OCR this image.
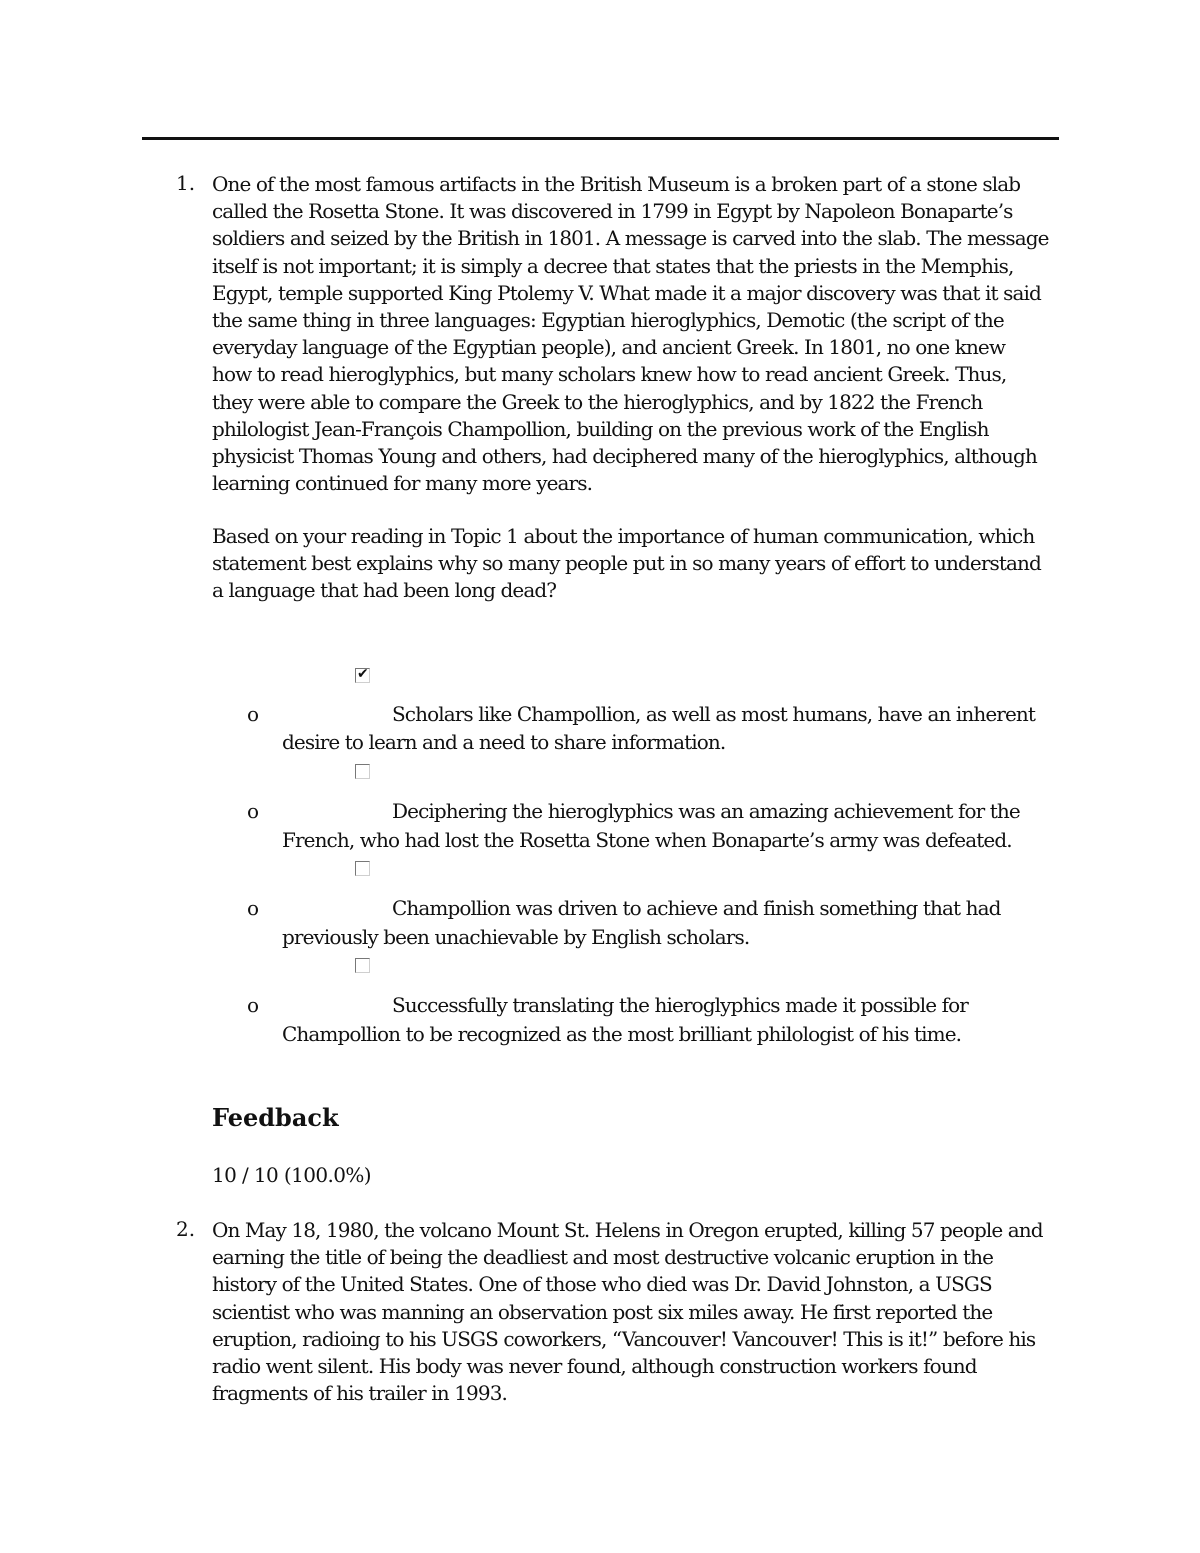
1. One of the most famous artifacts in the British Museum is a broken part of a stone slab
called the Rosetta Stone. It was discovered in 1799 in Egypt by Napoleon Bonaparte’s
soldiers and seized by the British in 1801. A message is carved into the slab. The message
itself is not important; it is simply a decree that states that the priests in the Memphis,
Egypt, temple supported King Ptolemy V. What made it a major discovery was that it said
the same thing in three languages: Egyptian hieroglyphics, Demotic (the script of the
everyday language of the Egyptian people), and ancient Greek. In 1801, no one knew
how to read hieroglyphics, but many scholars knew how to read ancient Greek. Thus,
they were able to compare the Greek to the hieroglyphics, and by 1822 the French
philologist Jean-François Champollion, building on the previous work of the English
physicist Thomas Young and others, had deciphered many of the hieroglyphics, although
learning continued for many more years.
Based on your reading in Topic 1 about the importance of human communication, which
statement best explains why so many people put in so many years of effort to understand
a language that had been long dead?
✔
o	Scholars like Champollion, as well as most humans, have an inherent
desire to learn and a need to share information.
o	Deciphering the hieroglyphics was an amazing achievement for the
French, who had lost the Rosetta Stone when Bonaparte’s army was defeated.
o	Champollion was driven to achieve and finish something that had
previously been unachievable by English scholars.
o	Successfully translating the hieroglyphics made it possible for
Champollion to be recognized as the most brilliant philologist of his time.
Feedback
10 / 10 (100.0%)
2. On May 18, 1980, the volcano Mount St. Helens in Oregon erupted, killing 57 people and
earning the title of being the deadliest and most destructive volcanic eruption in the
history of the United States. One of those who died was Dr. David Johnston, a USGS
scientist who was manning an observation post six miles away. He first reported the
eruption, radioing to his USGS coworkers, “Vancouver! Vancouver! This is it!” before his
radio went silent. His body was never found, although construction workers found
fragments of his trailer in 1993.
